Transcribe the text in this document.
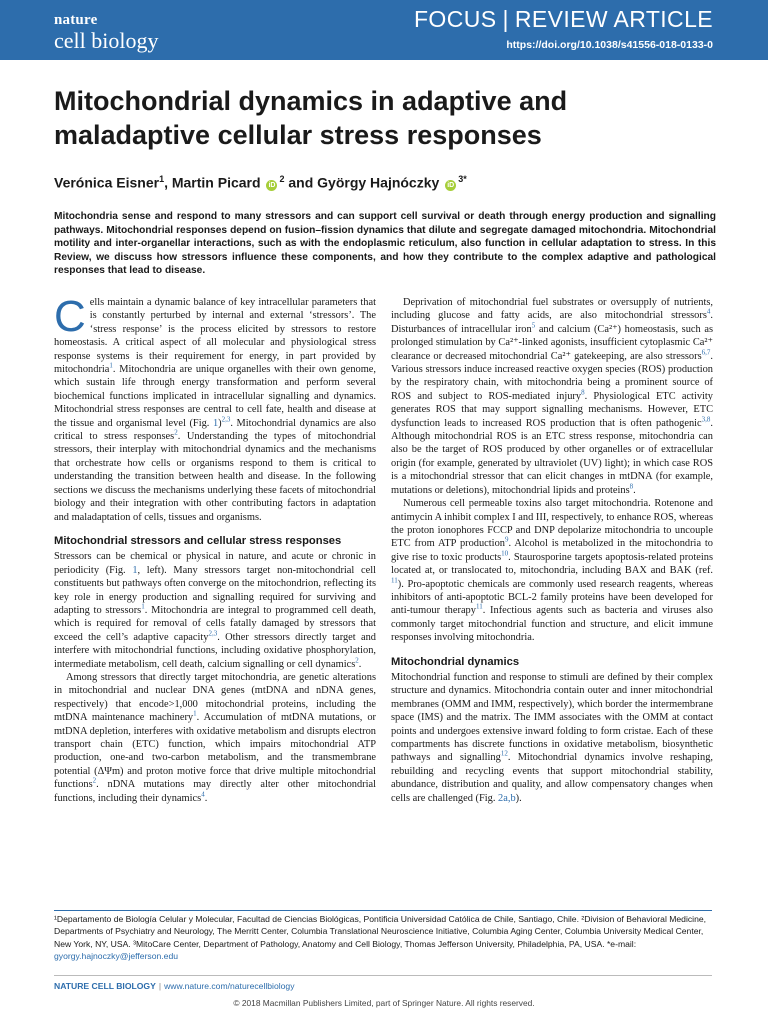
nature
cell biology
FOCUS | REVIEW ARTICLE
https://doi.org/10.1038/s41556-018-0133-0
Mitochondrial dynamics in adaptive and maladaptive cellular stress responses
Verónica Eisner$^1$, Martin Picard $iD^2$ and György Hajnóczky $iD^{3*}$

Mitochondria sense and respond to many stressors and can support cell survival or death through energy production and signalling pathways. Mitochondrial responses depend on fusion–fission dynamics that dilute and segregate damaged mitochondria. Mitochondrial motility and inter-organellar interactions, such as with the endoplasmic reticulum, also function in cellular adaptation to stress. In this Review, we discuss how stressors influence these components, and how they contribute to the complex adaptive and pathological responses that lead to disease.

Cells maintain a dynamic balance of key intracellular parameters that is constantly perturbed by internal and external ‘stressors’. The ‘stress response’ is the process elicited by stressors to restore homeostasis. A critical aspect of all molecular and physiological stress response systems is their requirement for energy, in part provided by mitochondria$^1$. Mitochondria are unique organelles with their own genome, which sustain life through energy transformation and perform several biochemical functions implicated in intracellular signalling and dynamics. Mitochondrial stress responses are central to cell fate, health and disease at the tissue and organismal level (Fig. 1)$^{2,3}$. Mitochondrial dynamics are also critical to stress responses$^2$. Understanding the types of mitochondrial stressors, their interplay with mitochondrial dynamics and the mechanisms that orchestrate how cells or organisms respond to them is critical to understanding the transition between health and disease. In the following sections we discuss the mechanisms underlying these facets of mitochondrial biology and their integration with other contributing factors in adaptation and maladaptation of cells, tissues and organisms.

Mitochondrial stressors and cellular stress responses

Stressors can be chemical or physical in nature, and acute or chronic in periodicity (Fig. 1, left). Many stressors target non-mitochondrial cell constituents but pathways often converge on the mitochondrion, reflecting its key role in energy production and signalling required for surviving and adapting to stressors$^1$. Mitochondria are integral to programmed cell death, which is required for removal of cells fatally damaged by stressors that exceed the cell’s adaptive capacity$^{2,3}$. Other stressors directly target and interfere with mitochondrial functions, including oxidative phosphorylation, intermediate metabolism, cell death, calcium signalling or cell dynamics$^2$.

Among stressors that directly target mitochondria, are genetic alterations in mitochondrial and nuclear DNA genes (mtDNA and nDNA genes, respectively) that encode>1,000 mitochondrial proteins, including the mtDNA maintenance machinery$^1$. Accumulation of mtDNA mutations, or mtDNA depletion, interferes with oxidative metabolism and disrupts electron transport chain (ETC) function, which impairs mitochondrial ATP production, one-and two-carbon metabolism, and the transmembrane potential (ΔΨm) and proton motive force that drive multiple mitochondrial functions$^2$. nDNA mutations may directly alter other mitochondrial functions, including their dynamics$^4$.

Deprivation of mitochondrial fuel substrates or oversupply of nutrients, including glucose and fatty acids, are also mitochondrial stressors$^4$. Disturbances of intracellular iron$^5$ and calcium (Ca²⁺) homeostasis, such as prolonged stimulation by Ca²⁺-linked agonists, insufficient cytoplasmic Ca²⁺ clearance or decreased mitochondrial Ca²⁺ gatekeeping, are also stressors$^{6,7}$. Various stressors induce increased reactive oxygen species (ROS) production by the respiratory chain, with mitochondria being a prominent source of ROS and subject to ROS-mediated injury$^8$. Physiological ETC activity generates ROS that may support signalling mechanisms. However, ETC dysfunction leads to increased ROS production that is often pathogenic$^{3,8}$. Although mitochondrial ROS is an ETC stress response, mitochondria can also be the target of ROS produced by other organelles or of extracellular origin (for example, generated by ultraviolet (UV) light); in which case ROS is a mitochondrial stressor that can elicit changes in mtDNA (for example, mutations or deletions), mitochondrial lipids and proteins$^8$.

Numerous cell permeable toxins also target mitochondria. Rotenone and antimycin A inhibit complex I and III, respectively, to enhance ROS, whereas the proton ionophores FCCP and DNP depolarize mitochondria to uncouple ETC from ATP production$^9$. Alcohol is metabolized in the mitochondria to give rise to toxic products$^{10}$. Staurosporine targets apoptosis-related proteins located at, or translocated to, mitochondria, including BAX and BAK (ref. $^{11}$). Pro-apoptotic chemicals are commonly used research reagents, whereas inhibitors of anti-apoptotic BCL-2 family proteins have been developed for anti-tumour therapy$^{11}$. Infectious agents such as bacteria and viruses also commonly target mitochondrial function and structure, and elicit immune responses involving mitochondria.

Mitochondrial dynamics

Mitochondrial function and response to stimuli are defined by their complex structure and dynamics. Mitochondria contain outer and inner mitochondrial membranes (OMM and IMM, respectively), which border the intermembrane space (IMS) and the matrix. The IMM associates with the OMM at contact points and undergoes extensive inward folding to form cristae. Each of these compartments has discrete functions in oxidative metabolism, biosynthetic pathways and signalling$^{12}$. Mitochondrial dynamics involve reshaping, rebuilding and recycling events that support mitochondrial stability, abundance, distribution and quality, and allow compensatory changes when cells are challenged (Fig. 2a,b).

¹Departamento de Biología Celular y Molecular, Facultad de Ciencias Biológicas, Pontificia Universidad Católica de Chile, Santiago, Chile. ²Division of Behavioral Medicine, Departments of Psychiatry and Neurology, The Merritt Center, Columbia Translational Neuroscience Initiative, Columbia Aging Center, Columbia University Medical Center, New York, NY, USA. ³MitoCare Center, Department of Pathology, Anatomy and Cell Biology, Thomas Jefferson University, Philadelphia, PA, USA. *e-mail: gyorgy.hajnoczky@jefferson.edu

NATURE CELL BIOLOGY | www.nature.com/naturecellbiology
© 2018 Macmillan Publishers Limited, part of Springer Nature. All rights reserved.
